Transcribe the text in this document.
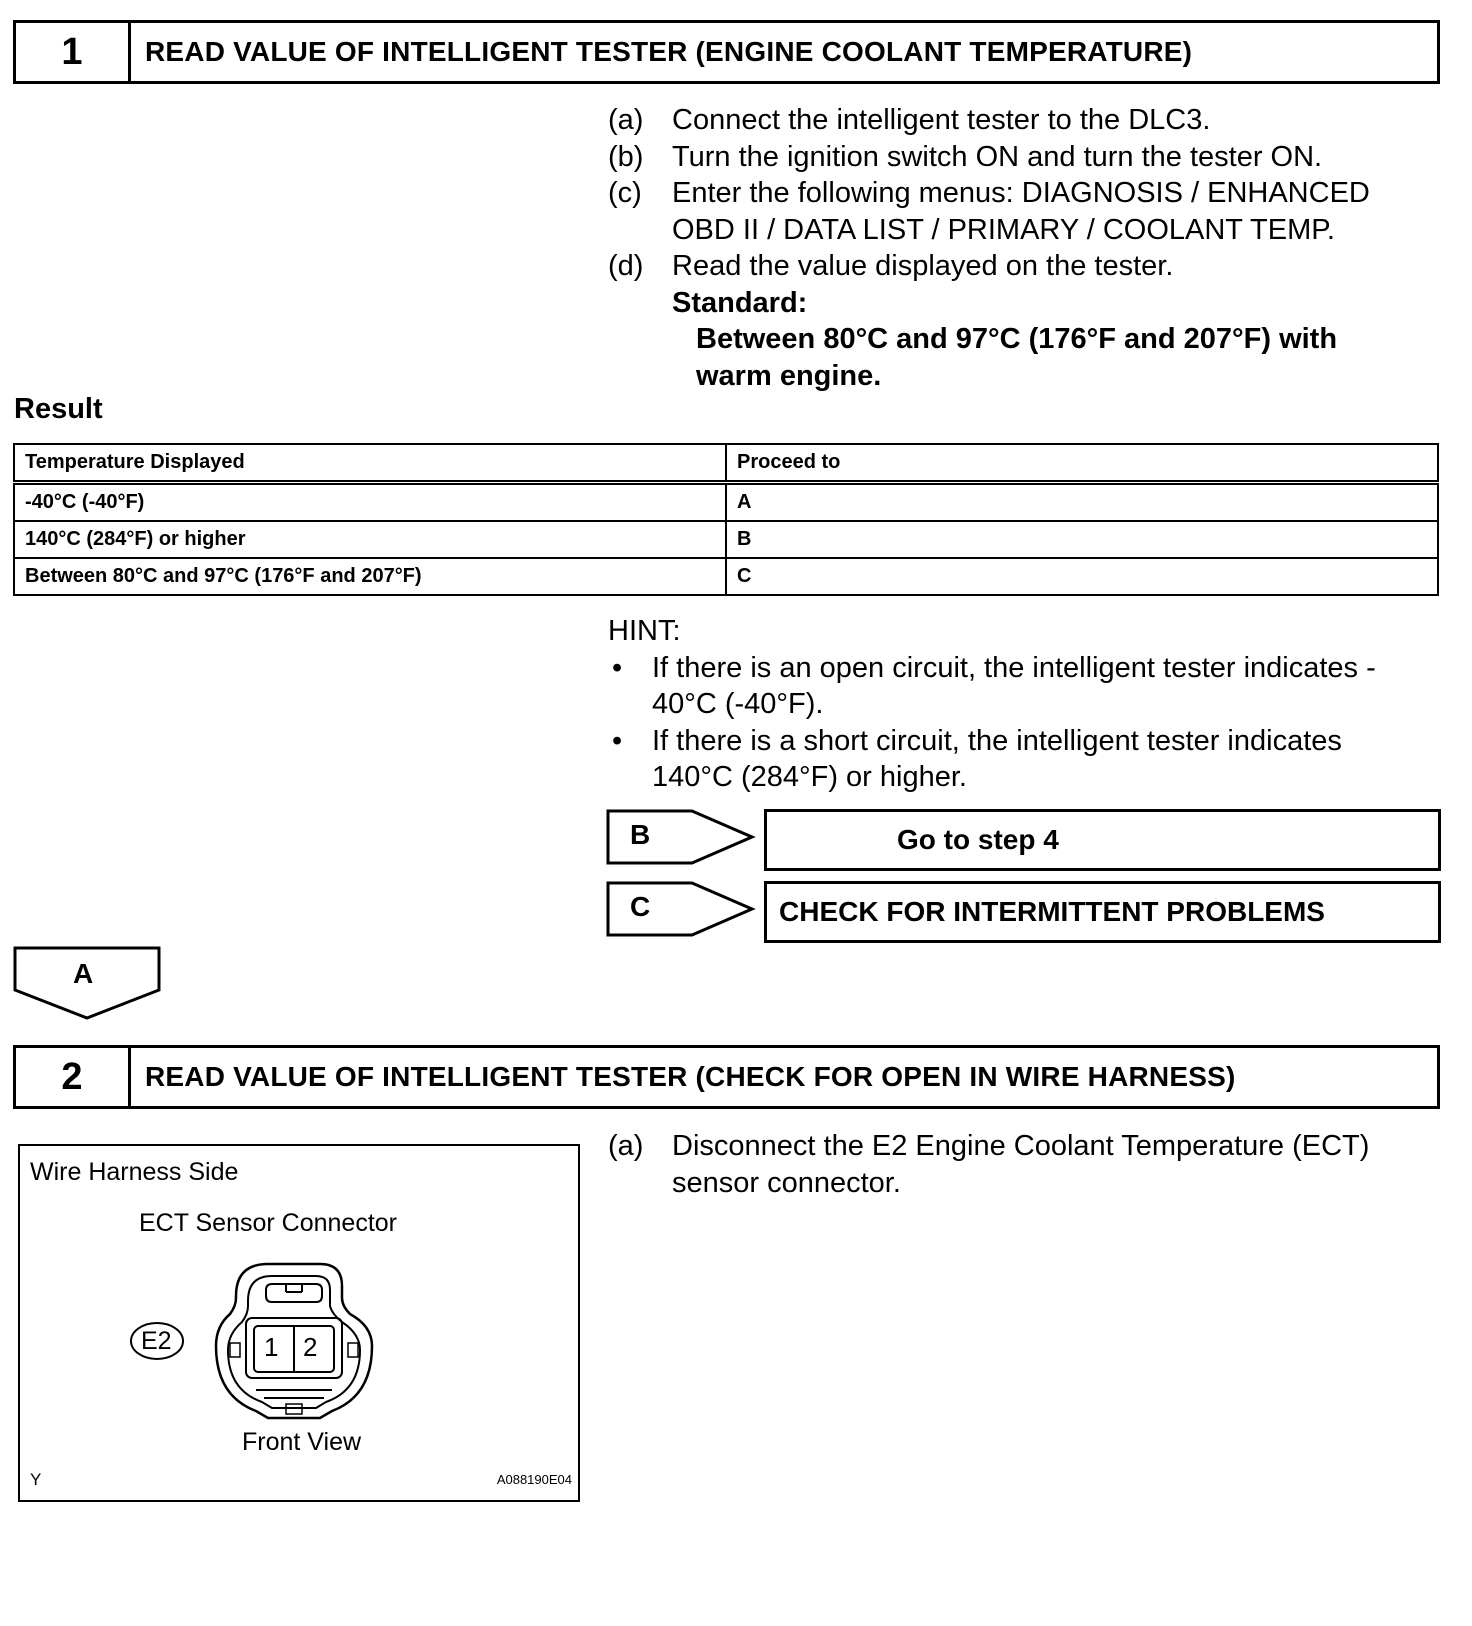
1	READ VALUE OF INTELLIGENT TESTER (ENGINE COOLANT TEMPERATURE)
(a) Connect the intelligent tester to the DLC3.
(b) Turn the ignition switch ON and turn the tester ON.
(c)	Enter the following menus: DIAGNOSIS / ENHANCED
OBD II / DATA LIST / PRIMARY / COOLANT TEMP.
(d) Read the value displayed on the tester.
Standard:
Between 80°C and 97°C (176°F and 207°F) with
warm engine.
Result
Temperature Displayed	Proceed to
-40°C (-40°F)	A
140°C (284°F) or higher	B
Between 80°C and 97°C (176°F and 207°F)	C
HINT:
•	If there is an open circuit, the intelligent tester indicates -
40°C (-40°F).
•	If there is a short circuit, the intelligent tester indicates
140°C (284°F) or higher.
B	Go to step 4
C	CHECK FOR INTERMITTENT PROBLEMS
A
2	READ VALUE OF INTELLIGENT TESTER (CHECK FOR OPEN IN WIRE HARNESS)
(a) Disconnect the E2 Engine Coolant Temperature (ECT)
sensor connector.
Wire Harness Side
ECT Sensor Connector
E2	1 2
Front View
Y	A088190E04
